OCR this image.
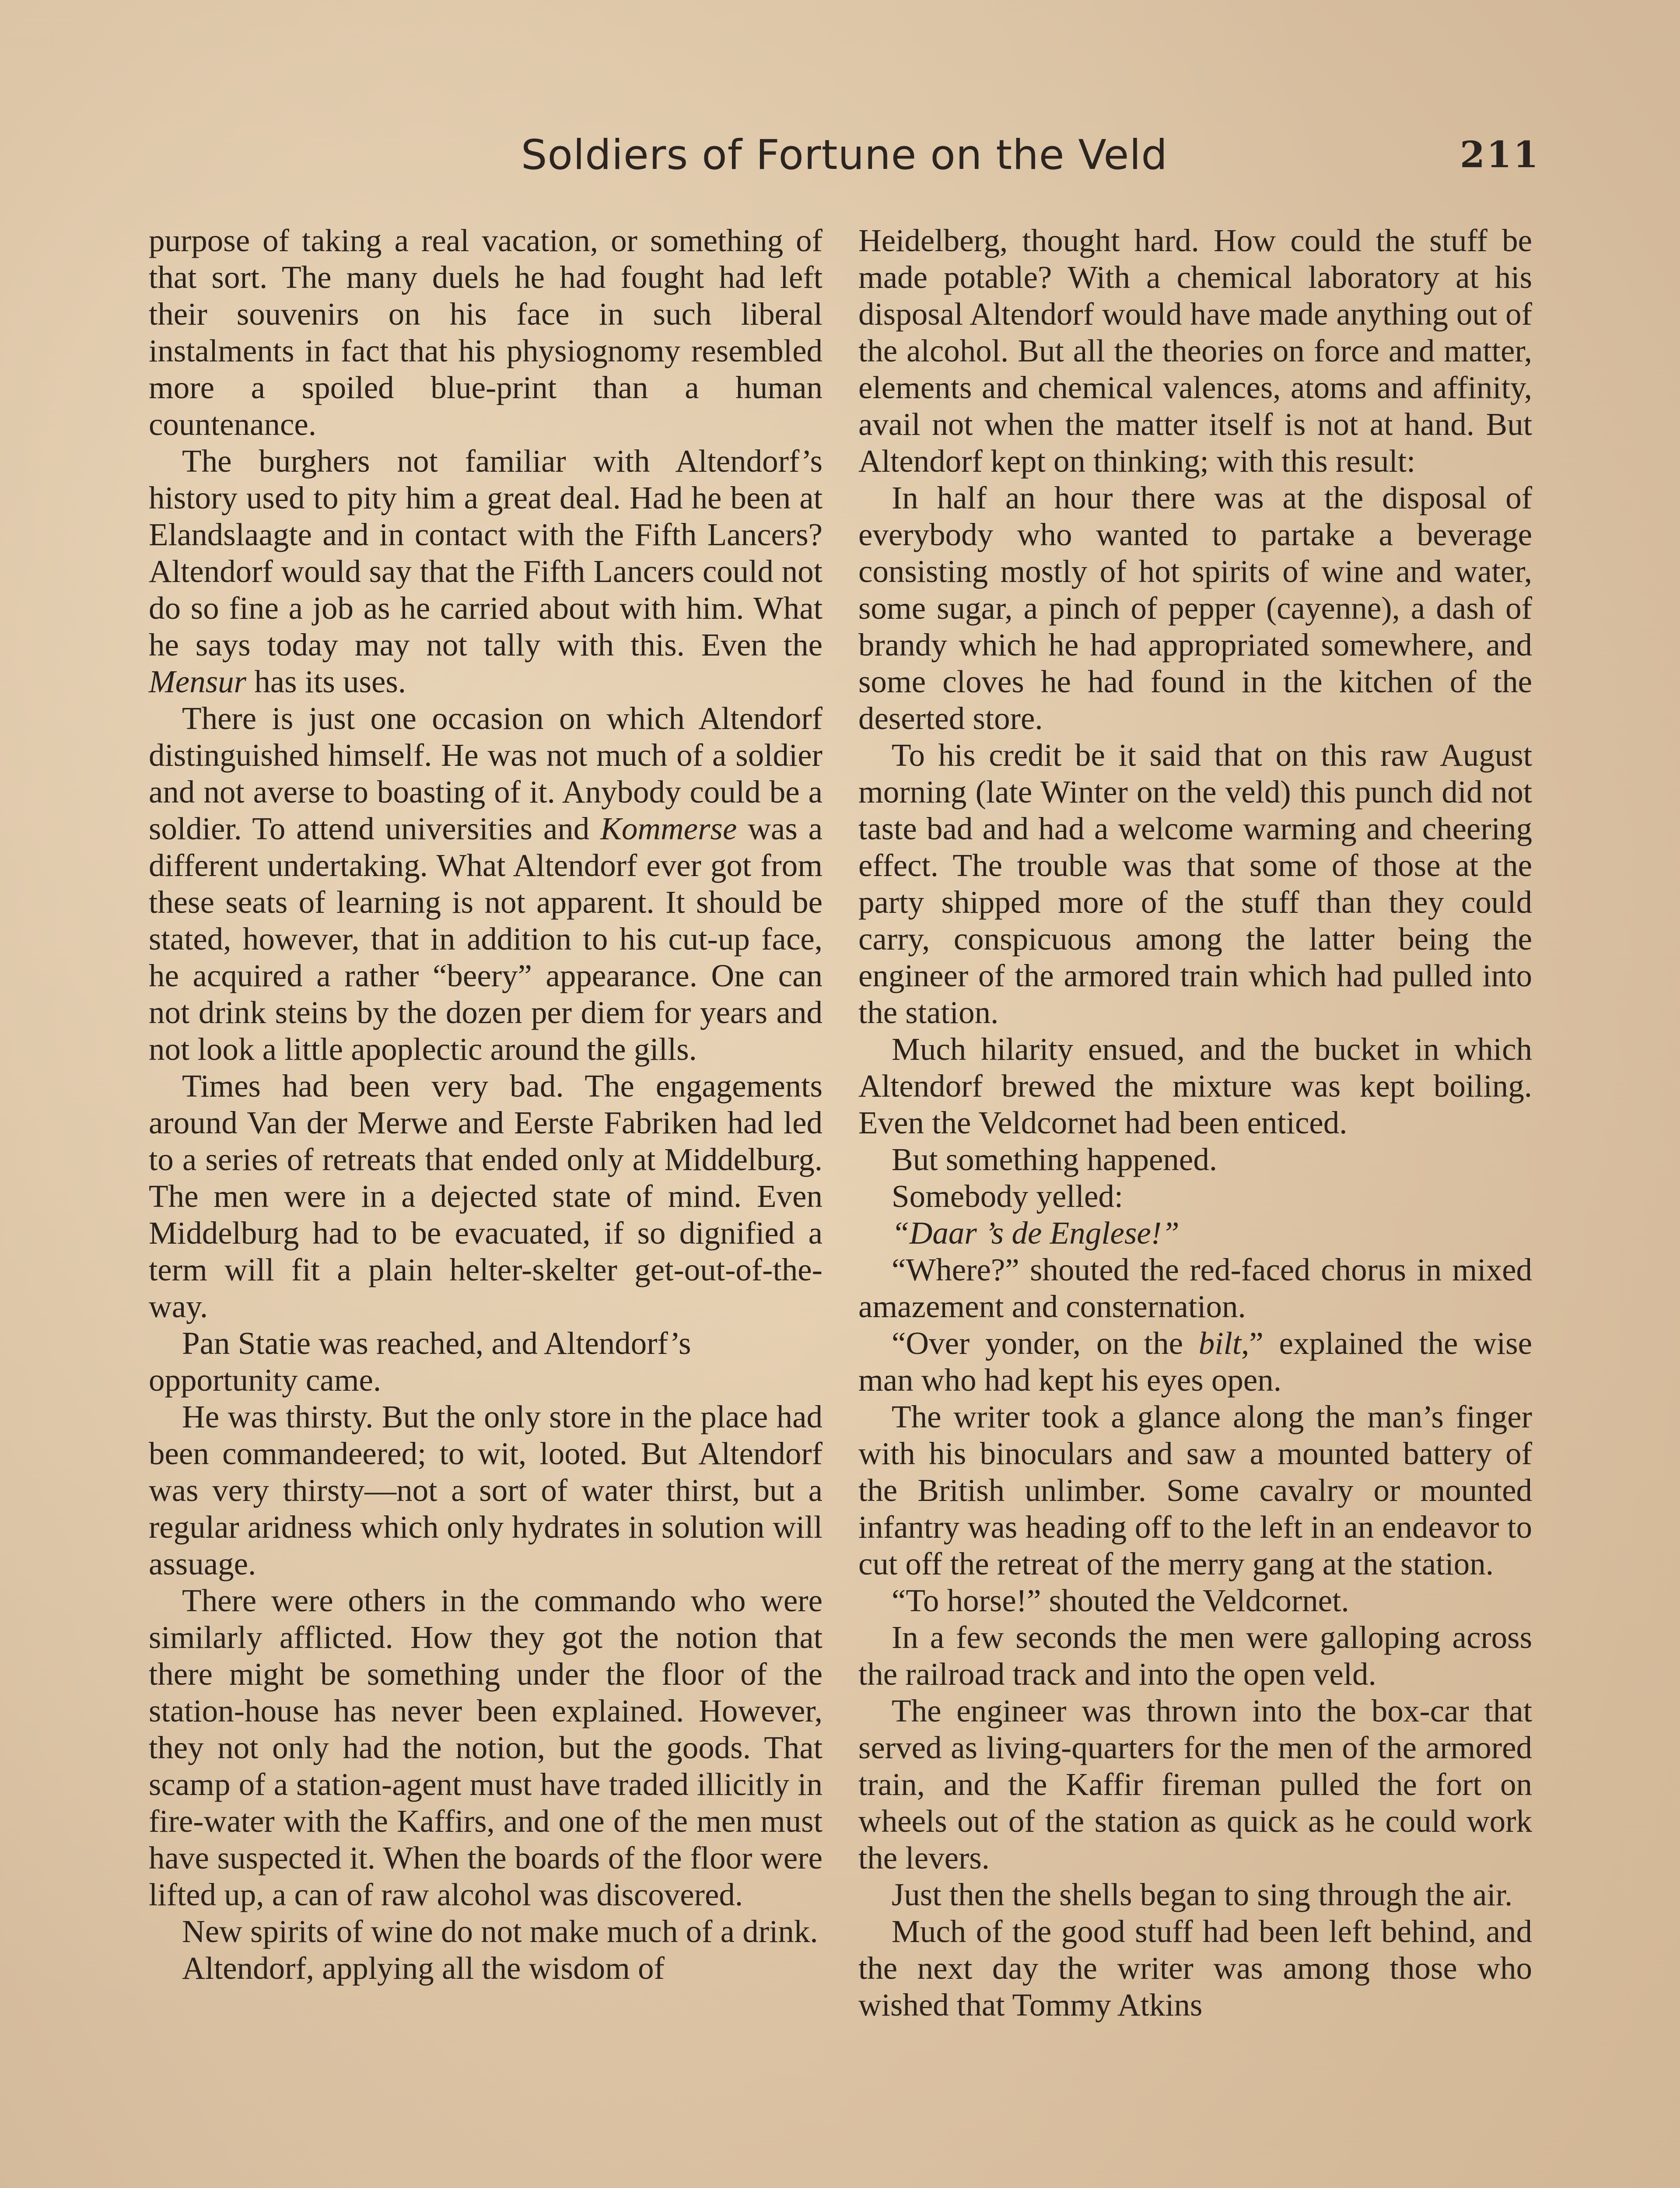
Soldiers of Fortune on the Veld	211

purpose of taking a real vacation, or something of that sort. The many duels he had fought had left their souvenirs on his face in such liberal instalments in fact that his physiognomy resembled more a spoiled blue-print than a human countenance.

The burghers not familiar with Altendorf’s history used to pity him a great deal. Had he been at Elandslaagte and in contact with the Fifth Lancers? Altendorf would say that the Fifth Lancers could not do so fine a job as he carried about with him. What he says today may not tally with this. Even the Mensur has its uses.

There is just one occasion on which Altendorf distinguished himself. He was not much of a soldier and not averse to boasting of it. Anybody could be a soldier. To attend universities and Kommerse was a different undertaking. What Altendorf ever got from these seats of learning is not apparent. It should be stated, however, that in addition to his cut-up face, he acquired a rather “beery” appearance. One can not drink steins by the dozen per diem for years and not look a little apoplectic around the gills.

Times had been very bad. The engagements around Van der Merwe and Eerste Fabriken had led to a series of retreats that ended only at Middelburg. The men were in a dejected state of mind. Even Middelburg had to be evacuated, if so dignified a term will fit a plain helter-skelter get-out-of-the-way.

Pan Statie was reached, and Altendorf’s opportunity came.

He was thirsty. But the only store in the place had been commandeered; to wit, looted. But Altendorf was very thirsty—not a sort of water thirst, but a regular aridness which only hydrates in solution will assuage.

There were others in the commando who were similarly afflicted. How they got the notion that there might be something under the floor of the station-house has never been explained. However, they not only had the notion, but the goods. That scamp of a station-agent must have traded illicitly in fire-water with the Kaffirs, and one of the men must have suspected it. When the boards of the floor were lifted up, a can of raw alcohol was discovered.

New spirits of wine do not make much of a drink.

Altendorf, applying all the wisdom of

Heidelberg, thought hard. How could the stuff be made potable? With a chemical laboratory at his disposal Altendorf would have made anything out of the alcohol. But all the theories on force and matter, elements and chemical valences, atoms and affinity, avail not when the matter itself is not at hand. But Altendorf kept on thinking; with this result:

In half an hour there was at the disposal of everybody who wanted to partake a beverage consisting mostly of hot spirits of wine and water, some sugar, a pinch of pepper (cayenne), a dash of brandy which he had appropriated somewhere, and some cloves he had found in the kitchen of the deserted store.

To his credit be it said that on this raw August morning (late Winter on the veld) this punch did not taste bad and had a welcome warming and cheering effect. The trouble was that some of those at the party shipped more of the stuff than they could carry, conspicuous among the latter being the engineer of the armored train which had pulled into the station.

Much hilarity ensued, and the bucket in which Altendorf brewed the mixture was kept boiling. Even the Veldcornet had been enticed.

But something happened.

Somebody yelled:

“Daar ’s de Englese!”

“Where?” shouted the red-faced chorus in mixed amazement and consternation.

“Over yonder, on the bilt,” explained the wise man who had kept his eyes open.

The writer took a glance along the man’s finger with his binoculars and saw a mounted battery of the British unlimber. Some cavalry or mounted infantry was heading off to the left in an endeavor to cut off the retreat of the merry gang at the station.

“To horse!” shouted the Veldcornet.

In a few seconds the men were galloping across the railroad track and into the open veld.

The engineer was thrown into the box-car that served as living-quarters for the men of the armored train, and the Kaffir fireman pulled the fort on wheels out of the station as quick as he could work the levers.

Just then the shells began to sing through the air.

Much of the good stuff had been left behind, and the next day the writer was among those who wished that Tommy Atkins
